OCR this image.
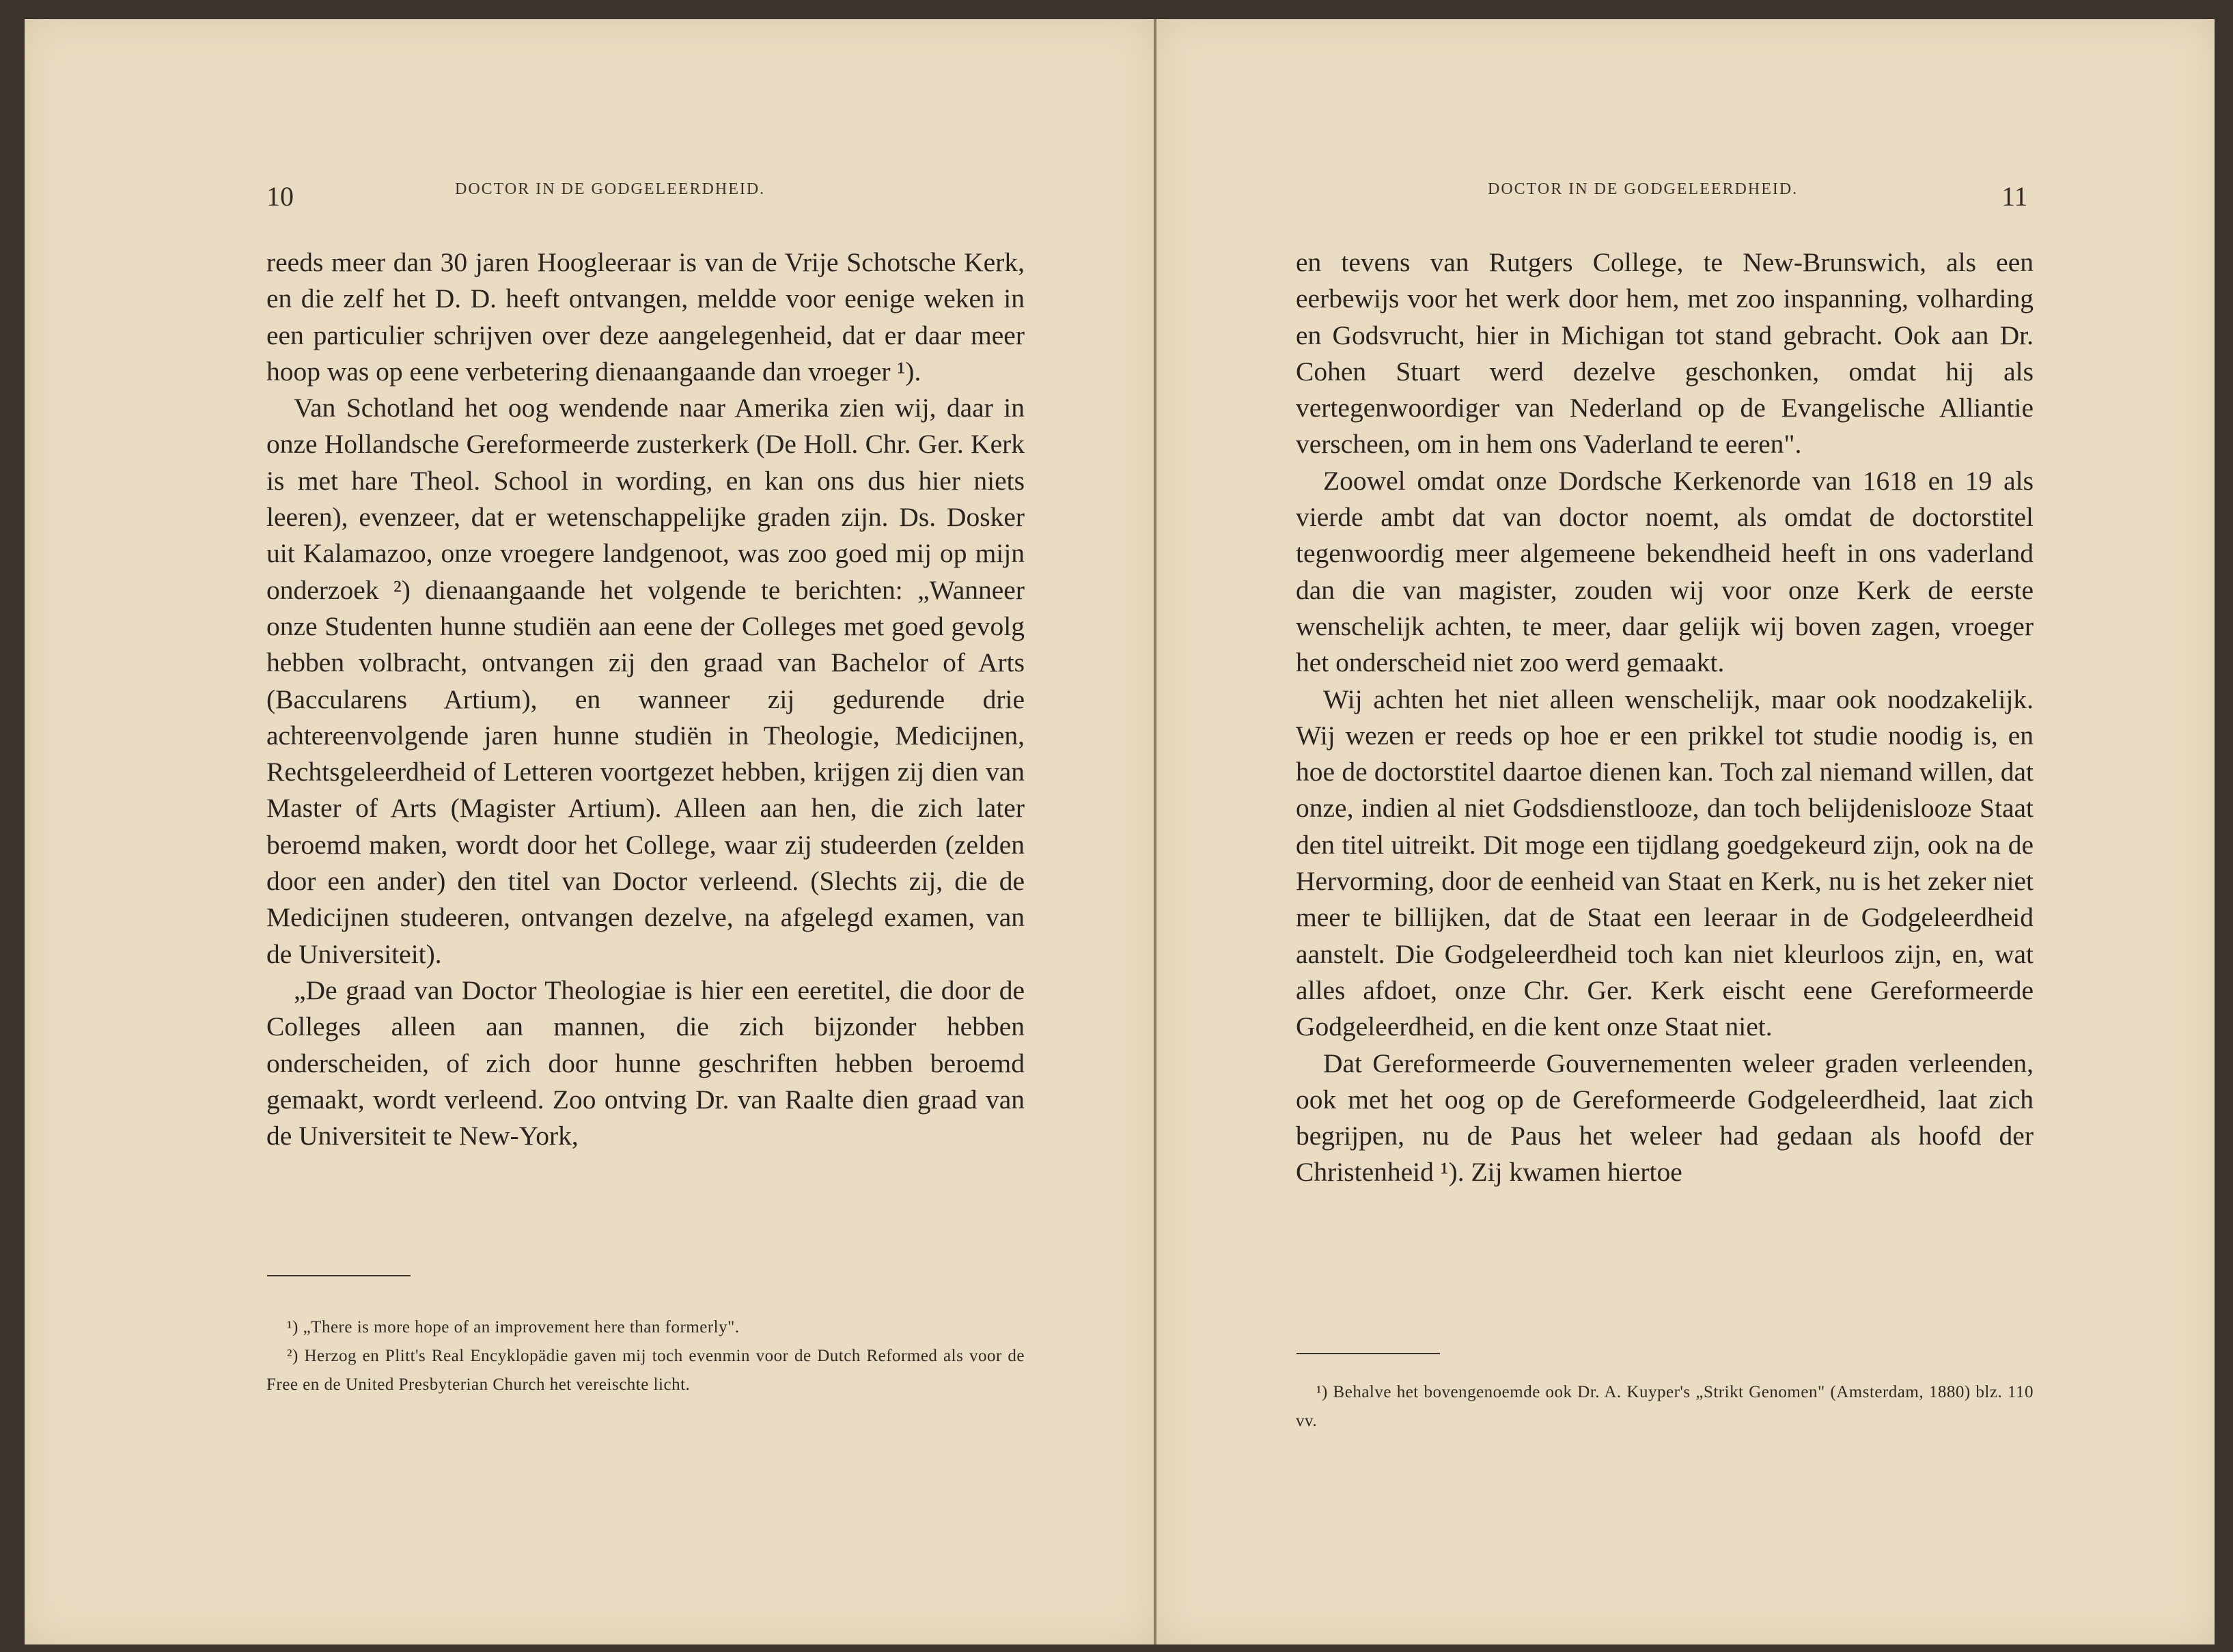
10	DOCTOR IN DE GODGELEERDHEID.

reeds meer dan 30 jaren Hoogleeraar is van de Vrije Schotsche Kerk, en die zelf het D. D. heeft ontvangen, meldde voor eenige weken in een particulier schrijven over deze aangelegenheid, dat er daar meer hoop was op eene verbetering dienaangaande dan vroeger ¹).

Van Schotland het oog wendende naar Amerika zien wij, daar in onze Hollandsche Gereformeerde zusterkerk (De Holl. Chr. Ger. Kerk is met hare Theol. School in wording, en kan ons dus hier niets leeren), evenzeer, dat er wetenschappelijke graden zijn. Ds. Dosker uit Kalamazoo, onze vroegere landgenoot, was zoo goed mij op mijn onderzoek ²) dienaangaande het volgende te berichten: „Wanneer onze Studenten hunne studiën aan eene der Colleges met goed gevolg hebben volbracht, ontvangen zij den graad van Bachelor of Arts (Baccularens Artium), en wanneer zij gedurende drie achtereenvolgende jaren hunne studiën in Theologie, Medicijnen, Rechtsgeleerdheid of Letteren voortgezet hebben, krijgen zij dien van Master of Arts (Magister Artium). Alleen aan hen, die zich later beroemd maken, wordt door het College, waar zij studeerden (zelden door een ander) den titel van Doctor verleend. (Slechts zij, die de Medicijnen studeeren, ontvangen dezelve, na afgelegd examen, van de Universiteit).

„De graad van Doctor Theologiae is hier een eeretitel, die door de Colleges alleen aan mannen, die zich bijzonder hebben onderscheiden, of zich door hunne geschriften hebben beroemd gemaakt, wordt verleend. Zoo ontving Dr. van Raalte dien graad van de Universiteit te New-York,

¹) „There is more hope of an improvement here than formerly".

²) Herzog en Plitt's Real Encyklopädie gaven mij toch evenmin voor de Dutch Reformed als voor de Free en de United Presbyterian Church het vereischte licht.

DOCTOR IN DE GODGELEERDHEID.	11

en tevens van Rutgers College, te New-Brunswich, als een eerbewijs voor het werk door hem, met zoo inspanning, volharding en Godsvrucht, hier in Michigan tot stand gebracht. Ook aan Dr. Cohen Stuart werd dezelve geschonken, omdat hij als vertegenwoordiger van Nederland op de Evangelische Alliantie verscheen, om in hem ons Vaderland te eeren".

Zoowel omdat onze Dordsche Kerkenorde van 1618 en 19 als vierde ambt dat van doctor noemt, als omdat de doctorstitel tegenwoordig meer algemeene bekendheid heeft in ons vaderland dan die van magister, zouden wij voor onze Kerk de eerste wenschelijk achten, te meer, daar gelijk wij boven zagen, vroeger het onderscheid niet zoo werd gemaakt.

Wij achten het niet alleen wenschelijk, maar ook noodzakelijk. Wij wezen er reeds op hoe er een prikkel tot studie noodig is, en hoe de doctorstitel daartoe dienen kan. Toch zal niemand willen, dat onze, indien al niet Godsdienstlooze, dan toch belijdenislooze Staat den titel uitreikt. Dit moge een tijdlang goedgekeurd zijn, ook na de Hervorming, door de eenheid van Staat en Kerk, nu is het zeker niet meer te billijken, dat de Staat een leeraar in de Godgeleerdheid aanstelt. Die Godgeleerdheid toch kan niet kleurloos zijn, en, wat alles afdoet, onze Chr. Ger. Kerk eischt eene Gereformeerde Godgeleerdheid, en die kent onze Staat niet.

Dat Gereformeerde Gouvernementen weleer graden verleenden, ook met het oog op de Gereformeerde Godgeleerdheid, laat zich begrijpen, nu de Paus het weleer had gedaan als hoofd der Christenheid ¹). Zij kwamen hiertoe

¹) Behalve het bovengenoemde ook Dr. A. Kuyper's „Strikt Genomen" (Amsterdam, 1880) blz. 110 vv.
